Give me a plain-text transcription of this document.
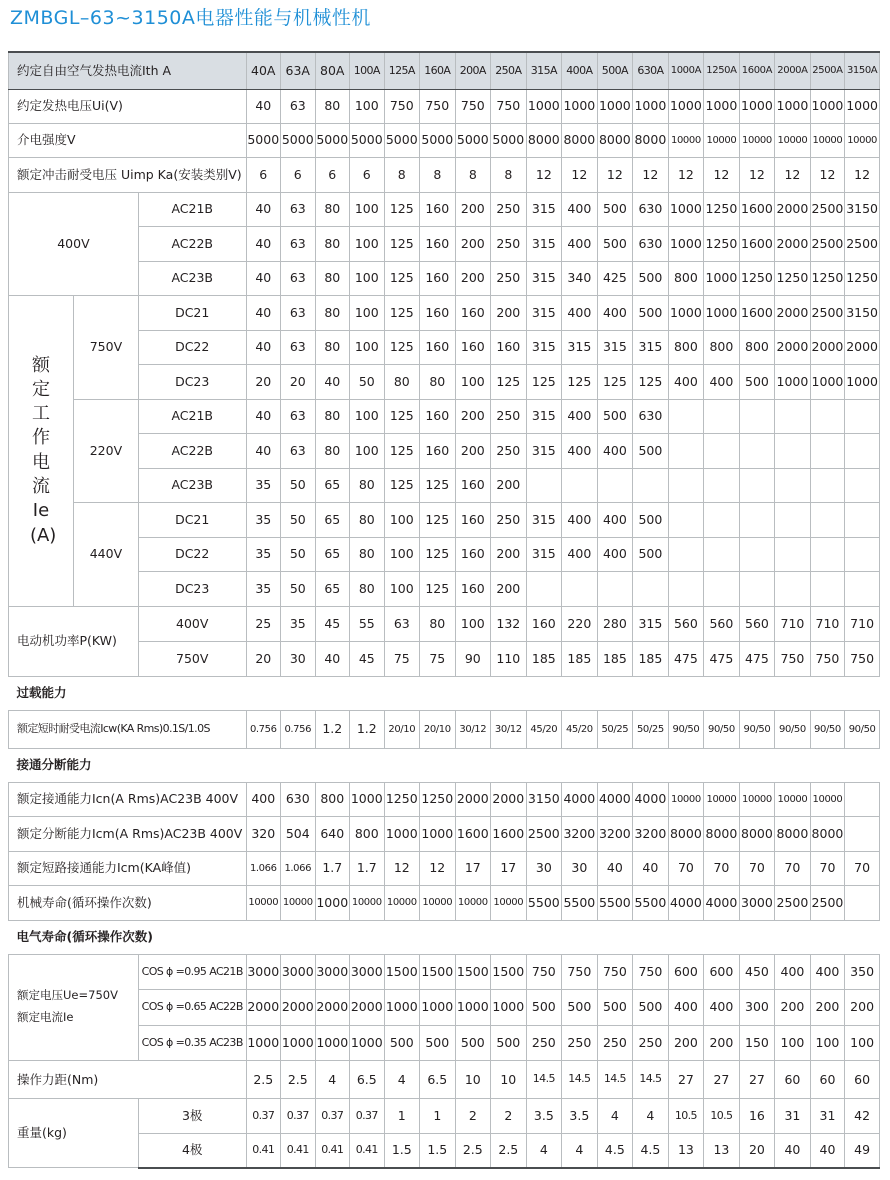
ZMBGL–63~3150A电器性能与机械性机
约定自由空气发热电流Ith A			40A	63A	80A	100A	125A	160A	200A	250A	315A	400A	500A	630A	1000A	1250A	1600A	2000A	2500A	3150A
约定发热电压Ui(V)			40	63	80	100	750	750	750	750	1000	1000	1000	1000	1000	1000	1000	1000	1000	1000
介电强度V			5000	5000	5000	5000	5000	5000	5000	5000	8000	8000	8000	8000	10000	10000	10000	10000	10000	10000
额定冲击耐受电压 Uimp Ka(安装类别V)			6	6	6	6	8	8	8	8	12	12	12	12	12	12	12	12	12	12
400V		AC21B	40	63	80	100	125	160	200	250	315	400	500	630	1000	1250	1600	2000	2500	3150
		AC22B	40	63	80	100	125	160	200	250	315	400	500	630	1000	1250	1600	2000	2500	2500
		AC23B	40	63	80	100	125	160	200	250	315	340	425	500	800	1000	1250	1250	1250	1250

额定工作电流Ie(A)	750V	DC21	40	63	80	100	125	160	160	200	315	400	400	500	1000	1000	1600	2000	2500	3150
		DC22	40	63	80	100	125	160	160	160	315	315	315	315	800	800	800	2000	2000	2000
		DC23	20	20	40	50	80	80	100	125	125	125	125	125	400	400	500	1000	1000	1000
	220V	AC21B	40	63	80	100	125	160	200	250	315	400	500	630						
		AC22B	40	63	80	100	125	160	200	250	315	400	400	500						
		AC23B	35	50	65	80	125	125	160	200										
	440V	DC21	35	50	65	80	100	125	160	250	315	400	400	500						
		DC22	35	50	65	80	100	125	160	200	315	400	400	500						
		DC23	35	50	65	80	100	125	160	200										
电动机功率P(KW)		400V	25	35	45	55	63	80	100	132	160	220	280	315	560	560	560	710	710	710
		750V	20	30	40	45	75	75	90	110	185	185	185	185	475	475	475	750	750	750
过载能力																				
额定短时耐受电流Icw(KA Rms)0.1S/1.0S			0.756	0.756	1.2	1.2	20/10	20/10	30/12	30/12	45/20	45/20	50/25	50/25	90/50	90/50	90/50	90/50	90/50	90/50
接通分断能力																				
额定接通能力Icn(A Rms)AC23B 400V			400	630	800	1000	1250	1250	2000	2000	3150	4000	4000	4000	10000	10000	10000	10000	10000	
额定分断能力Icm(A Rms)AC23B 400V			320	504	640	800	1000	1000	1600	1600	2500	3200	3200	3200	8000	8000	8000	8000	8000	
额定短路接通能力Icm(KA峰值)			1.066	1.066	1.7	1.7	12	12	17	17	30	30	40	40	70	70	70	70	70	70
机械寿命(循环操作次数)			10000	10000	1000	10000	10000	10000	10000	10000	5500	5500	5500	5500	4000	4000	3000	2500	2500	
电气寿命(循环操作次数)																				

额定电压Ue=750V
额定电流Ie		COS ϕ =0.95 AC21B	3000	3000	3000	3000	1500	1500	1500	1500	750	750	750	750	600	600	450	400	400	350
		COS ϕ =0.65 AC22B	2000	2000	2000	2000	1000	1000	1000	1000	500	500	500	500	400	400	300	200	200	200
		COS ϕ =0.35 AC23B	1000	1000	1000	1000	500	500	500	500	250	250	250	250	200	200	150	100	100	100
操作力距(Nm)			2.5	2.5	4	6.5	4	6.5	10	10	14.5	14.5	14.5	14.5	27	27	27	60	60	60
重量(kg)		3极	0.37	0.37	0.37	0.37	1	1	2	2	3.5	3.5	4	4	10.5	10.5	16	31	31	42
		4极	0.41	0.41	0.41	0.41	1.5	1.5	2.5	2.5	4	4	4.5	4.5	13	13	20	40	40	49
